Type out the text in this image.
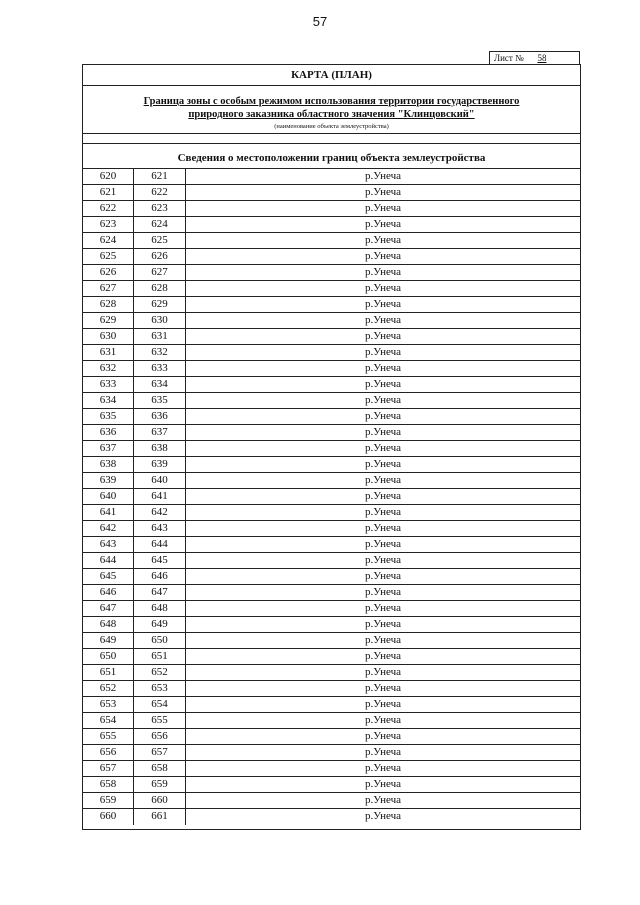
57
Лист № 58
КАРТА (ПЛАН)
Граница зоны с особым режимом использования территории государственного
природного заказника областного значения "Клинцовский"
(наименование объекта землеустройства)
Сведения о местоположении границ объекта землеустройства
620	621	р.Унеча
621	622	р.Унеча
622	623	р.Унеча
623	624	р.Унеча
624	625	р.Унеча
625	626	р.Унеча
626	627	р.Унеча
627	628	р.Унеча
628	629	р.Унеча
629	630	р.Унеча
630	631	р.Унеча
631	632	р.Унеча
632	633	р.Унеча
633	634	р.Унеча
634	635	р.Унеча
635	636	р.Унеча
636	637	р.Унеча
637	638	р.Унеча
638	639	р.Унеча
639	640	р.Унеча
640	641	р.Унеча
641	642	р.Унеча
642	643	р.Унеча
643	644	р.Унеча
644	645	р.Унеча
645	646	р.Унеча
646	647	р.Унеча
647	648	р.Унеча
648	649	р.Унеча
649	650	р.Унеча
650	651	р.Унеча
651	652	р.Унеча
652	653	р.Унеча
653	654	р.Унеча
654	655	р.Унеча
655	656	р.Унеча
656	657	р.Унеча
657	658	р.Унеча
658	659	р.Унеча
659	660	р.Унеча
660	661	р.Унеча
